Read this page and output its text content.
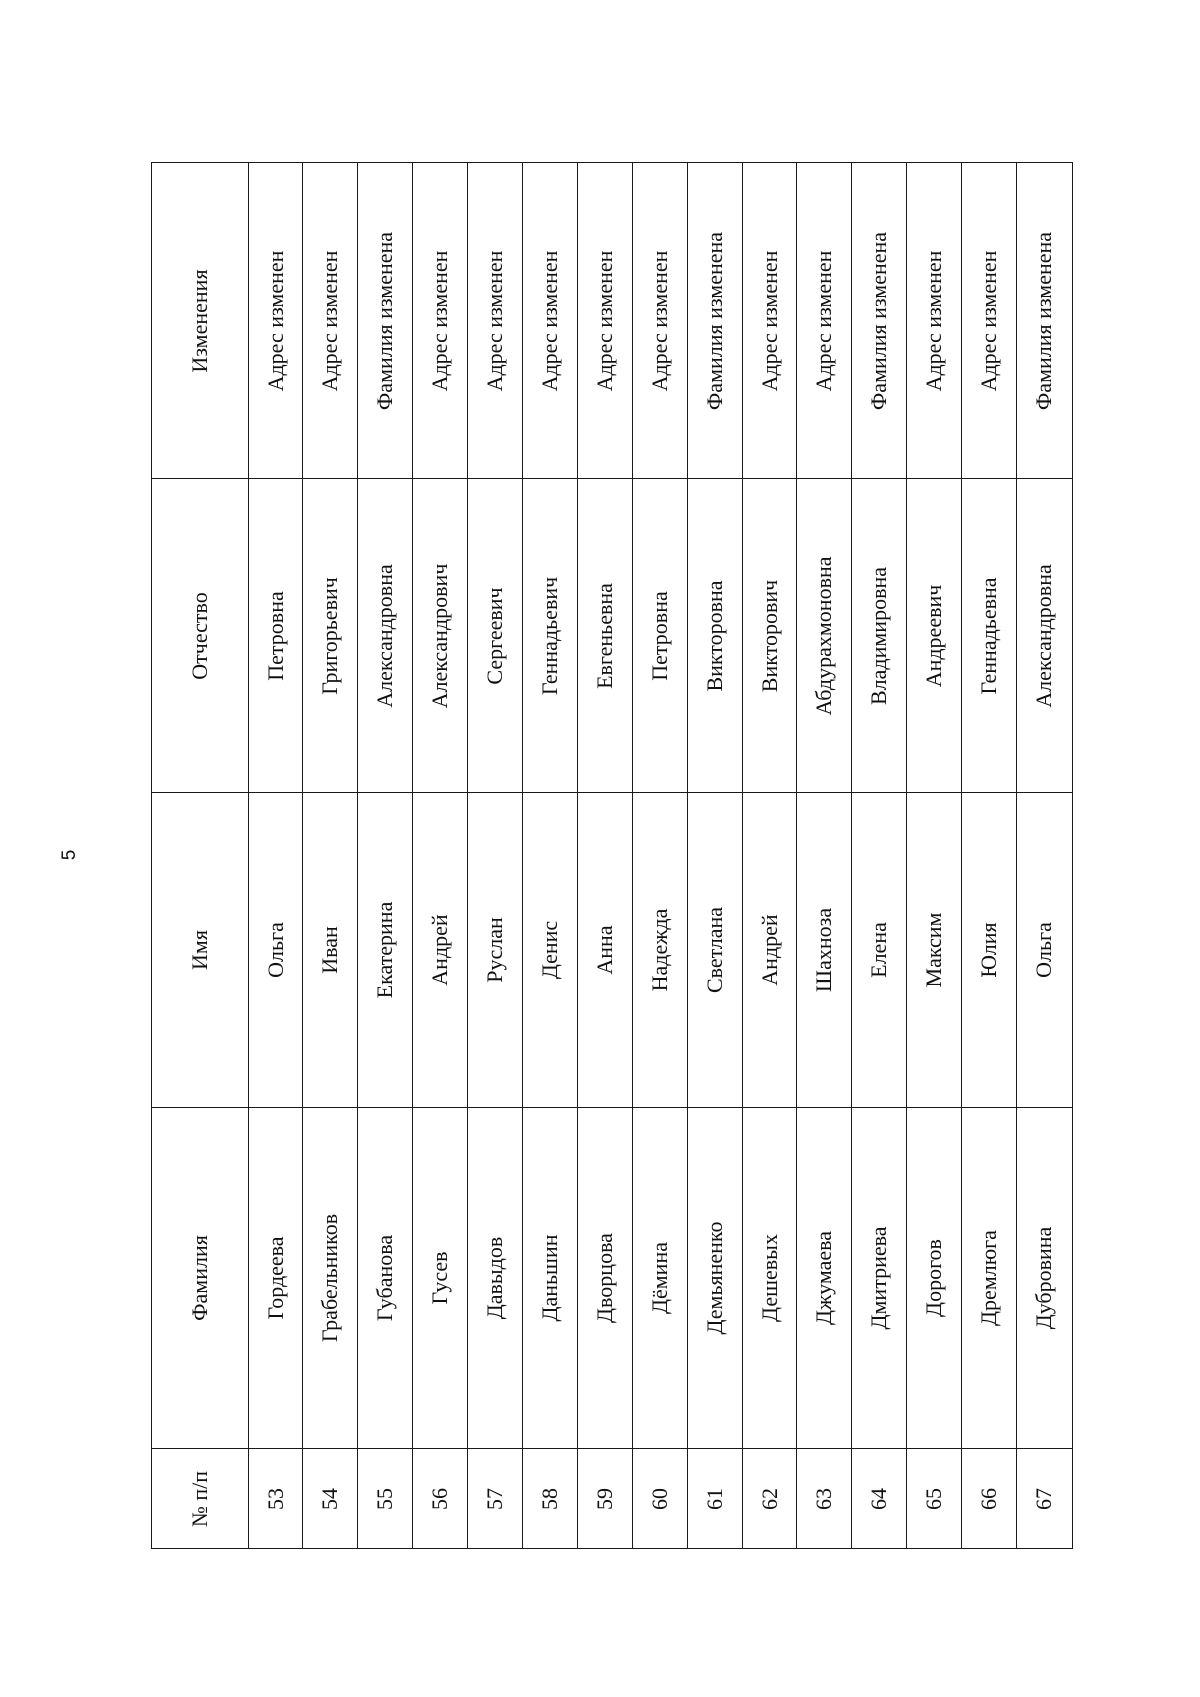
5
Изменения
Отчество
Имя
Фамилия
№ п/п
Адрес изменен
Петровна
Ольга
Гордеева
53
Адрес изменен
Григорьевич
Иван
Грабельников
54
Фамилия изменена
Александровна
Екатерина
Губанова
55
Адрес изменен
Александрович
Андрей
Гусев
56
Адрес изменен
Сергеевич
Руслан
Давыдов
57
Адрес изменен
Геннадьевич
Денис
Даньшин
58
Адрес изменен
Евгеньевна
Анна
Дворцова
59
Адрес изменен
Петровна
Надежда
Дёмина
60
Фамилия изменена
Викторовна
Светлана
Демьяненко
61
Адрес изменен
Викторович
Андрей
Дешевых
62
Адрес изменен
Абдурахмоновна
Шахноза
Джумаева
63
Фамилия изменена
Владимировна
Елена
Дмитриева
64
Адрес изменен
Андреевич
Максим
Дорогов
65
Адрес изменен
Геннадьевна
Юлия
Дремлюга
66
Фамилия изменена
Александровна
Ольга
Дубровина
67
